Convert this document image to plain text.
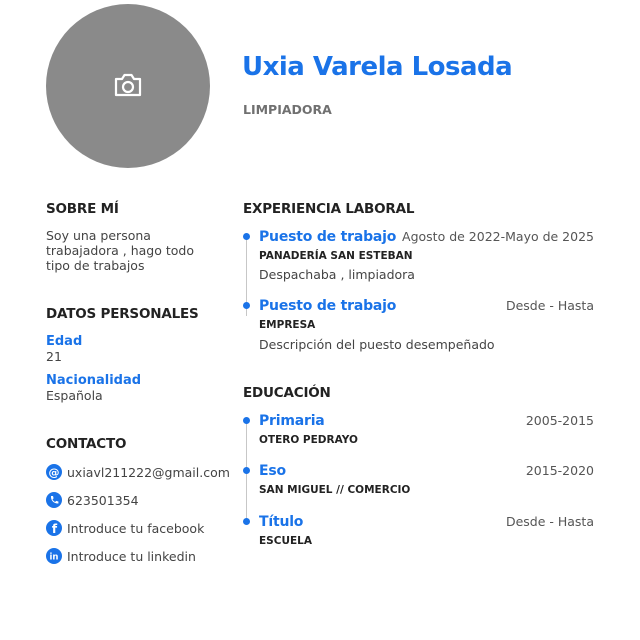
Uxia Varela Losada
LIMPIADORA
SOBRE MÍ
Soy una persona trabajadora , hago todo tipo de trabajos
DATOS PERSONALES
Edad
21
Nacionalidad
Española
CONTACTO
@ uxiavl211222@gmail.com
623501354
f Introduce tu facebook
in Introduce tu linkedin
EXPERIENCIA LABORAL
Puesto de trabajo Agosto de 2022-Mayo de 2025
PANADERÍA SAN ESTEBAN
Despachaba , limpiadora
Puesto de trabajo	Desde - Hasta
EMPRESA
Descripción del puesto desempeñado
EDUCACIÓN
Primaria	2005-2015
OTERO PEDRAYO
Eso	2015-2020
SAN MIGUEL // COMERCIO
Título	Desde - Hasta
ESCUELA
